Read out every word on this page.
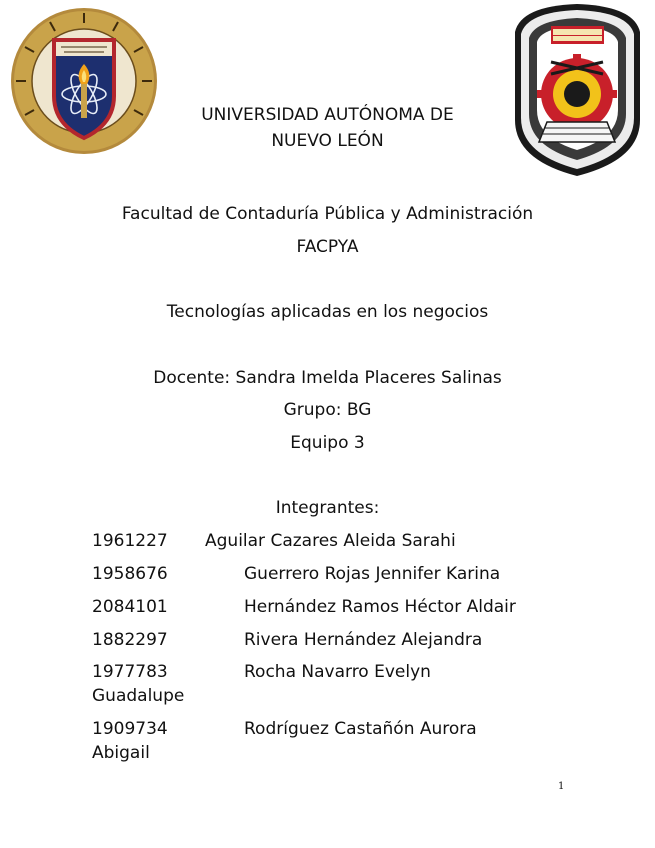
UNIVERSIDAD AUTÓNOMA DE
NUEVO LEÓN
Facultad de Contaduría Pública y Administración
FACPYA
Tecnologías aplicadas en los negocios
Docente: Sandra Imelda Placeres Salinas
Grupo: BG
Equipo 3
Integrantes:
1961227 Aguilar Cazares Aleida Sarahi
1958676	Guerrero Rojas Jennifer Karina
2084101	Hernández Ramos Héctor Aldair
1882297	Rivera Hernández Alejandra
1977783	Rocha Navarro Evelyn
Guadalupe
1909734	Rodríguez Castañón Aurora
Abigail
1
